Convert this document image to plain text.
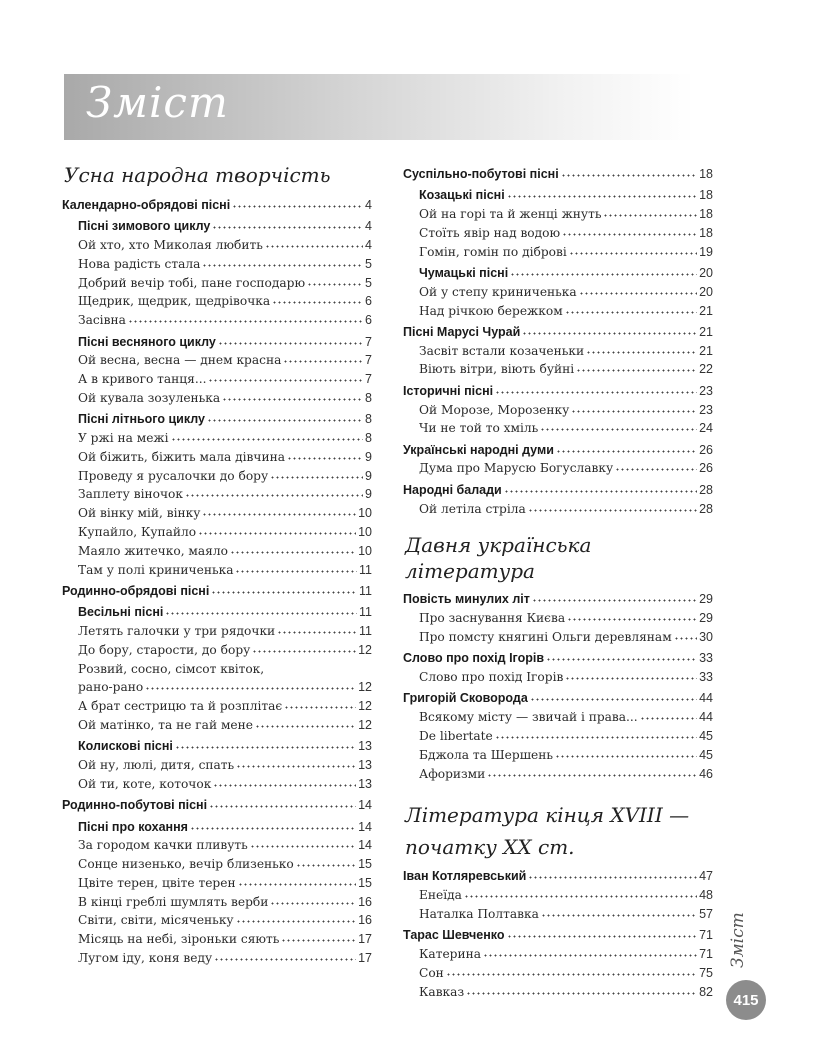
Зміст
Усна народна творчість
Календарно-обрядові пісні	4
Пісні зимового циклу	4
Ой хто, хто Миколая любить	4
Нова радість стала	5
Добрий вечір тобі, пане господарю	5
Щедрик, щедрик, щедрівочка	6
Засівна	6
Пісні весняного циклу	7
Ой весна, весна — днем красна	7
А в кривого танця...	7
Ой кувала зозуленька	8
Пісні літнього циклу	8
У ржі на межі	8
Ой біжить, біжить мала дівчина	9
Проведу я русалочки до бору	9
Заплету віночок	9
Ой вінку мій, вінку	10
Купайло, Купайло	10
Маяло житечко, маяло	10
Там у полі криниченька	11
Родинно-обрядові пісні	11
Весільні пісні	11
Летять галочки у три рядочки	11
До бору, старости, до бору	12
Розвий, сосно, сімсот квіток,
рано-рано	12
А брат сестрицю та й розплітає	12
Ой матінко, та не гай мене	12
Колискові пісні	13
Ой ну, люлі, дитя, спать	13
Ой ти, коте, коточок	13
Родинно-побутові пісні	14
Пісні про кохання	14
За городом качки пливуть	14
Сонце низенько, вечір близенько	15
Цвіте терен, цвіте терен	15
В кінці греблі шумлять верби	16
Світи, світи, місяченьку	16
Місяць на небі, зіроньки сяють	17
Лугом іду, коня веду	17
Суспільно-побутові пісні	18
Козацькі пісні	18
Ой на горі та й женці жнуть	18
Стоїть явір над водою	18
Гомін, гомін по діброві	19
Чумацькі пісні	20
Ой у степу криниченька	20
Над річкою бережком	21
Пісні Марусі Чурай	21
Засвіт встали козаченьки	21
Віють вітри, віють буйні	22
Історичні пісні	23
Ой Морозе, Морозенку	23
Чи не той то хміль	24
Українські народні думи	26
Дума про Марусю Богуславку	26
Народні балади	28
Ой летіла стріла	28
Давня українська література
Повість минулих літ	29
Про заснування Києва	29
Про помсту княгині Ольги деревлянам 30
Слово про похід Ігорів	33
Слово про похід Ігорів	33
Григорій Сковорода	44
Всякому місту — звичай і права...	44
De libertate	45
Бджола та Шершень	45
Афоризми	46
Література кінця XVIII — початку XX ст.
Іван Котляревський	47
Енеїда	48
Наталка Полтавка	57
Тарас Шевченко	71
Катерина	71
Сон	75
Кавказ	82
Зміст
415
